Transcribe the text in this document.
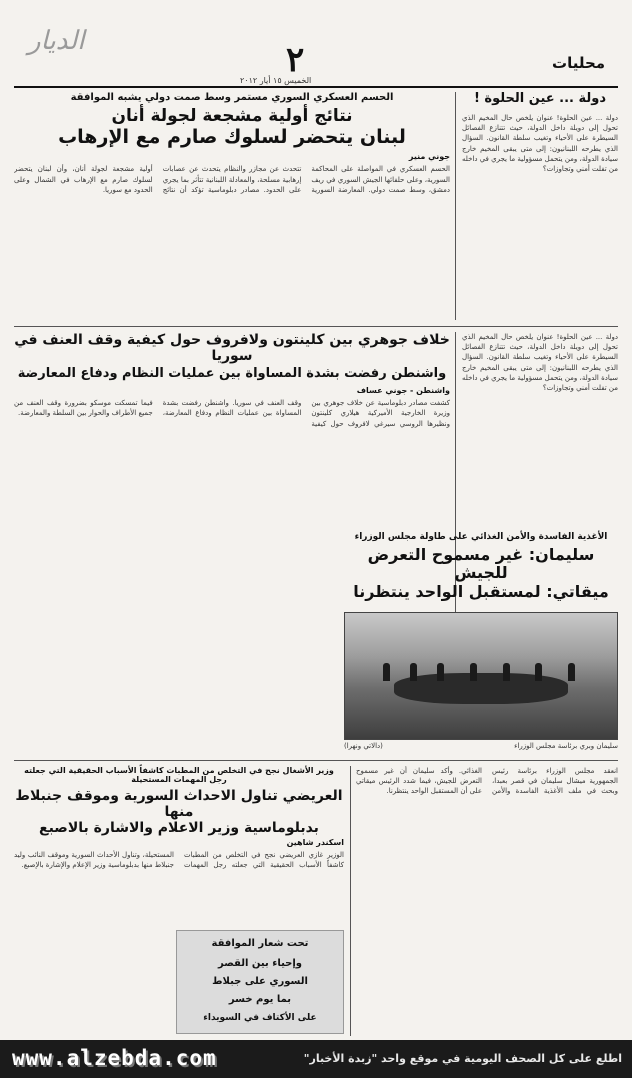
الديار	٢	محليات
الخميس ١٥ أيار ٢٠١٢
دولة ... عين الحلوة !
دولة ... عين الحلوة! عنوان يلخص حال المخيم الذي تحول إلى دويلة داخل الدولة، حيث تتنازع الفصائل السيطرة على الأحياء وتغيب سلطة القانون. السؤال الذي يطرحه اللبنانيون: إلى متى يبقى المخيم خارج سيادة الدولة، ومن يتحمل مسؤولية ما يجري في داخله من تفلت أمني وتجاوزات؟
الحسم العسكري السوري مستمر وسط صمت دولي يشبه الموافقة
نتائج أولية مشجعة لجولة أنان
لبنان يتحضر لسلوك صارم مع الإرهاب
جوني منير
الحسم العسكري في المواصلة على المحاكمة السورية، وعلى حلفائها الجيش السوري في ريف دمشق، وسط صمت دولي. المعارضة السورية تتحدث عن مجازر والنظام يتحدث عن عصابات إرهابية مسلحة، والمعادلة اللبنانية تتأثر بما يجري على الحدود. مصادر دبلوماسية تؤكد أن نتائج أولية مشجعة لجولة أنان، وأن لبنان يتحضر لسلوك صارم مع الإرهاب في الشمال وعلى الحدود مع سوريا.
خلاف جوهري بين كلينتون ولافروف حول كيفية وقف العنف في سوريا
واشنطن رفضت بشدة المساواة بين عمليات النظام ودفاع المعارضة
واشنطن - جوني عساف
كشفت مصادر دبلوماسية عن خلاف جوهري بين وزيرة الخارجية الأميركية هيلاري كلينتون ونظيرها الروسي سيرغي لافروف حول كيفية وقف العنف في سوريا. واشنطن رفضت بشدة المساواة بين عمليات النظام ودفاع المعارضة، فيما تمسكت موسكو بضرورة وقف العنف من جميع الأطراف والحوار بين السلطة والمعارضة.
الأغذية الفاسدة والأمن الغذائي على طاولة مجلس الوزراء
دولة ... عين الحلوة! عنوان يلخص حال المخيم الذي تحول إلى دويلة داخل الدولة، حيث تتنازع الفصائل السيطرة على الأحياء وتغيب سلطة القانون. السؤال الذي يطرحه اللبنانيون: إلى متى يبقى المخيم خارج سيادة الدولة، ومن يتحمل مسؤولية ما يجري في داخله من تفلت أمني وتجاوزات؟
سليمان: غير مسموح التعرض للجيش
ميقاتي: لمستقبل الواحد ينتظرنا
سليمان وبري برئاسة مجلس الوزراء
(دالاتي ونهرا)
وزير الأشغال نجح في التخلص من المطبات كاشفاً الأسباب الحقيقية التي جعلته رجل المهمات المستحيلة
العريضي تناول الاحداث السورية وموقف جنبلاط منها
بدبلوماسية وزير الاعلام والاشارة بالاصبع
اسكندر شاهين
الوزير غازي العريضي نجح في التخلص من المطبات كاشفاً الأسباب الحقيقية التي جعلته رجل المهمات المستحيلة، وتناول الأحداث السورية وموقف النائب وليد جنبلاط منها بدبلوماسية وزير الإعلام والإشارة بالإصبع.
تحت شعار الموافقة
وإحياء بين القصر
السوري على جبلاط
بما يوم خسر
على الأكتاف في السويداء
انعقد مجلس الوزراء برئاسة رئيس الجمهورية ميشال سليمان في قصر بعبدا، وبحث في ملف الأغذية الفاسدة والأمن الغذائي. وأكد سليمان أن غير مسموح التعرض للجيش، فيما شدد الرئيس ميقاتي على أن المستقبل الواحد ينتظرنا.
www.alzebda.com	اطلع على كل الصحف اليومية في موقع واحد "زبدة الأخبار"
